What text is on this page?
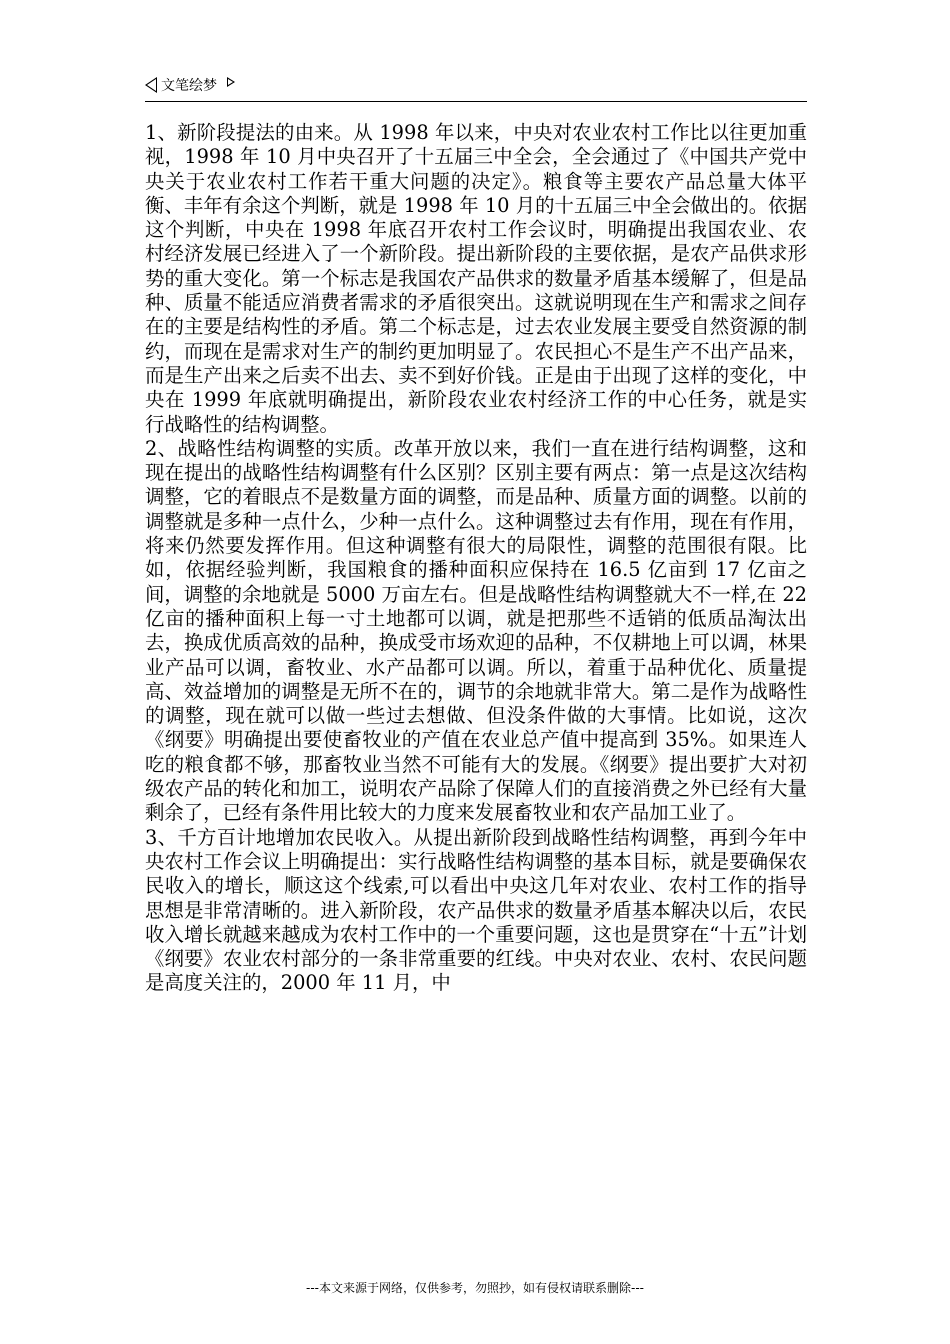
文笔绘梦

1、新阶段提法的由来。从 1998 年以来，中央对农业农村工作比以往更加重视，1998 年 10 月中央召开了十五届三中全会，全会通过了《中国共产党中央关于农业农村工作若干重大问题的决定》。粮食等主要农产品总量大体平衡、丰年有余这个判断，就是 1998 年 10 月的十五届三中全会做出的。依据这个判断，中央在 1998 年底召开农村工作会议时，明确提出我国农业、农村经济发展已经进入了一个新阶段。提出新阶段的主要依据，是农产品供求形势的重大变化。第一个标志是我国农产品供求的数量矛盾基本缓解了，但是品种、质量不能适应消费者需求的矛盾很突出。这就说明现在生产和需求之间存在的主要是结构性的矛盾。第二个标志是，过去农业发展主要受自然资源的制约，而现在是需求对生产的制约更加明显了。农民担心不是生产不出产品来，而是生产出来之后卖不出去、卖不到好价钱。正是由于出现了这样的变化，中央在 1999 年底就明确提出，新阶段农业农村经济工作的中心任务，就是实行战略性的结构调整。

2、战略性结构调整的实质。改革开放以来，我们一直在进行结构调整，这和现在提出的战略性结构调整有什么区别？区别主要有两点：第一点是这次结构调整，它的着眼点不是数量方面的调整，而是品种、质量方面的调整。以前的调整就是多种一点什么，少种一点什么。这种调整过去有作用，现在有作用，将来仍然要发挥作用。但这种调整有很大的局限性，调整的范围很有限。比如，依据经验判断，我国粮食的播种面积应保持在 16.5 亿亩到 17 亿亩之间，调整的余地就是 5000 万亩左右。但是战略性结构调整就大不一样,在 22 亿亩的播种面积上每一寸土地都可以调，就是把那些不适销的低质品淘汰出去，换成优质高效的品种，换成受市场欢迎的品种，不仅耕地上可以调，林果业产品可以调，畜牧业、水产品都可以调。所以，着重于品种优化、质量提高、效益增加的调整是无所不在的，调节的余地就非常大。第二是作为战略性的调整，现在就可以做一些过去想做、但没条件做的大事情。比如说，这次《纲要》明确提出要使畜牧业的产值在农业总产值中提高到 35%。如果连人吃的粮食都不够，那畜牧业当然不可能有大的发展。《纲要》提出要扩大对初级农产品的转化和加工，说明农产品除了保障人们的直接消费之外已经有大量剩余了，已经有条件用比较大的力度来发展畜牧业和农产品加工业了。

3、千方百计地增加农民收入。从提出新阶段到战略性结构调整，再到今年中央农村工作会议上明确提出：实行战略性结构调整的基本目标，就是要确保农民收入的增长，顺这这个线索,可以看出中央这几年对农业、农村工作的指导思想是非常清晰的。进入新阶段，农产品供求的数量矛盾基本解决以后，农民收入增长就越来越成为农村工作中的一个重要问题，这也是贯穿在“十五”计划《纲要》农业农村部分的一条非常重要的红线。中央对农业、农村、农民问题是高度关注的，2000 年 11 月，中

---本文来源于网络，仅供参考，勿照抄，如有侵权请联系删除---
